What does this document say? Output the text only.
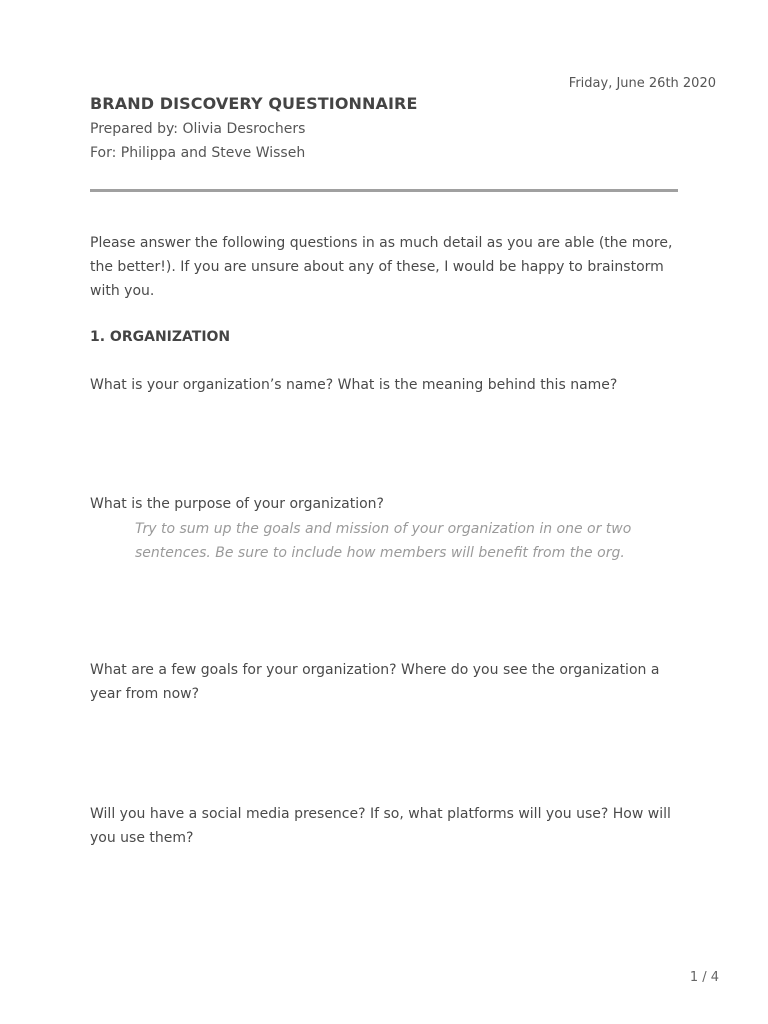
Friday, June 26th 2020
BRAND DISCOVERY QUESTIONNAIRE
Prepared by: Olivia Desrochers
For: Philippa and Steve Wisseh
Please answer the following questions in as much detail as you are able (the more, the better!). If you are unsure about any of these, I would be happy to brainstorm with you.
1. ORGANIZATION
What is your organization’s name? What is the meaning behind this name?
What is the purpose of your organization?
Try to sum up the goals and mission of your organization in one or two sentences. Be sure to include how members will benefit from the org.
What are a few goals for your organization? Where do you see the organization a year from now?
Will you have a social media presence? If so, what platforms will you use? How will you use them?
1 / 4
